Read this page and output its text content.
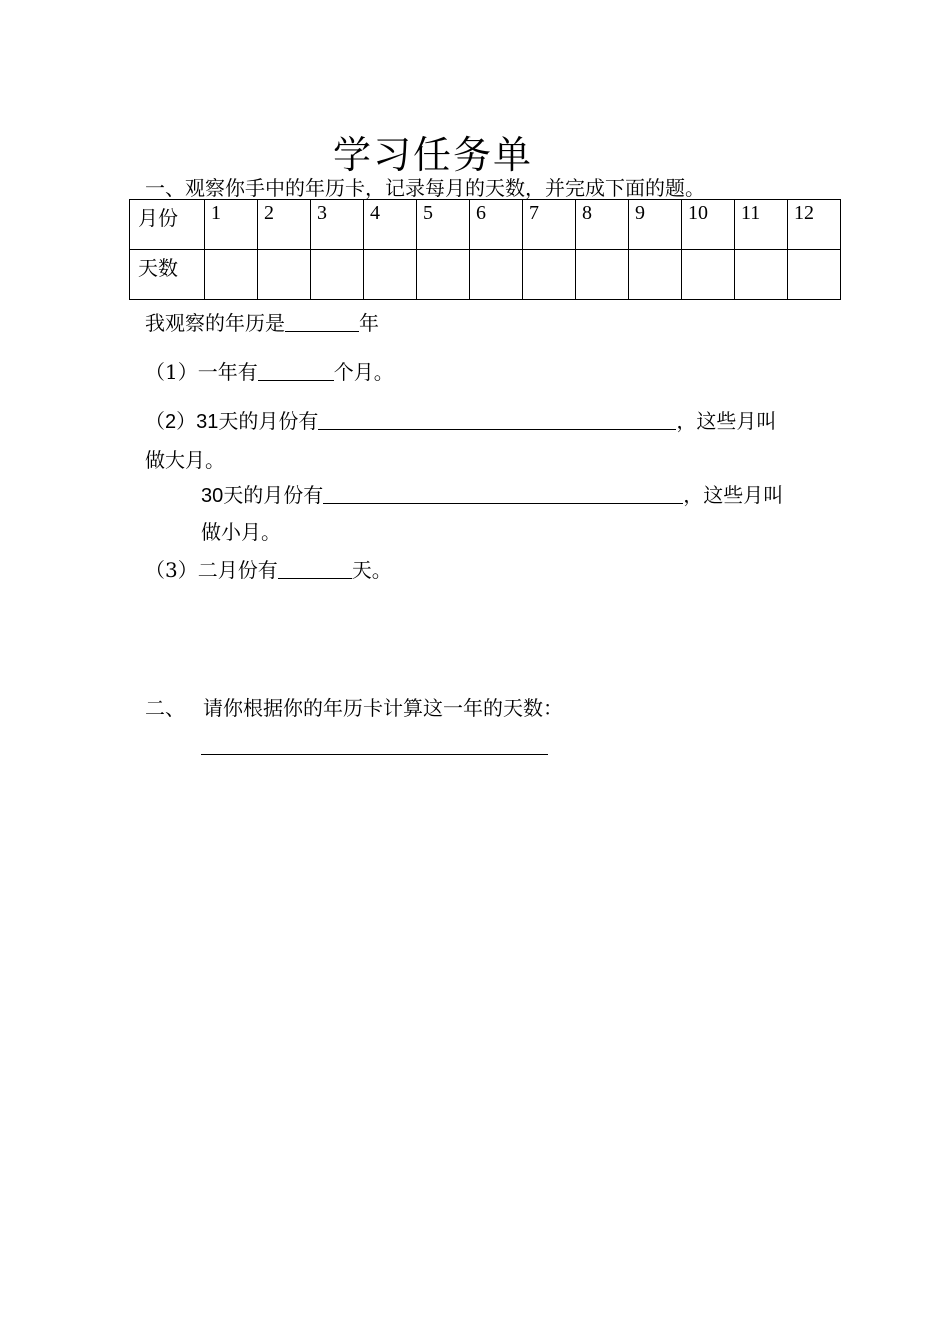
学习任务单
一、观察你手中的年历卡，记录每月的天数，并完成下面的题。
月份	1	2	3	4	5	6	7	8	9	10	11	12
天数												
我观察的年历是	年
（1）一年有	个月。
（2）31天的月份有	，这些月叫
做大月。
30天的月份有	，这些月叫
做小月。
（3）二月份有	天。
二、 请你根据你的年历卡计算这一年的天数：
